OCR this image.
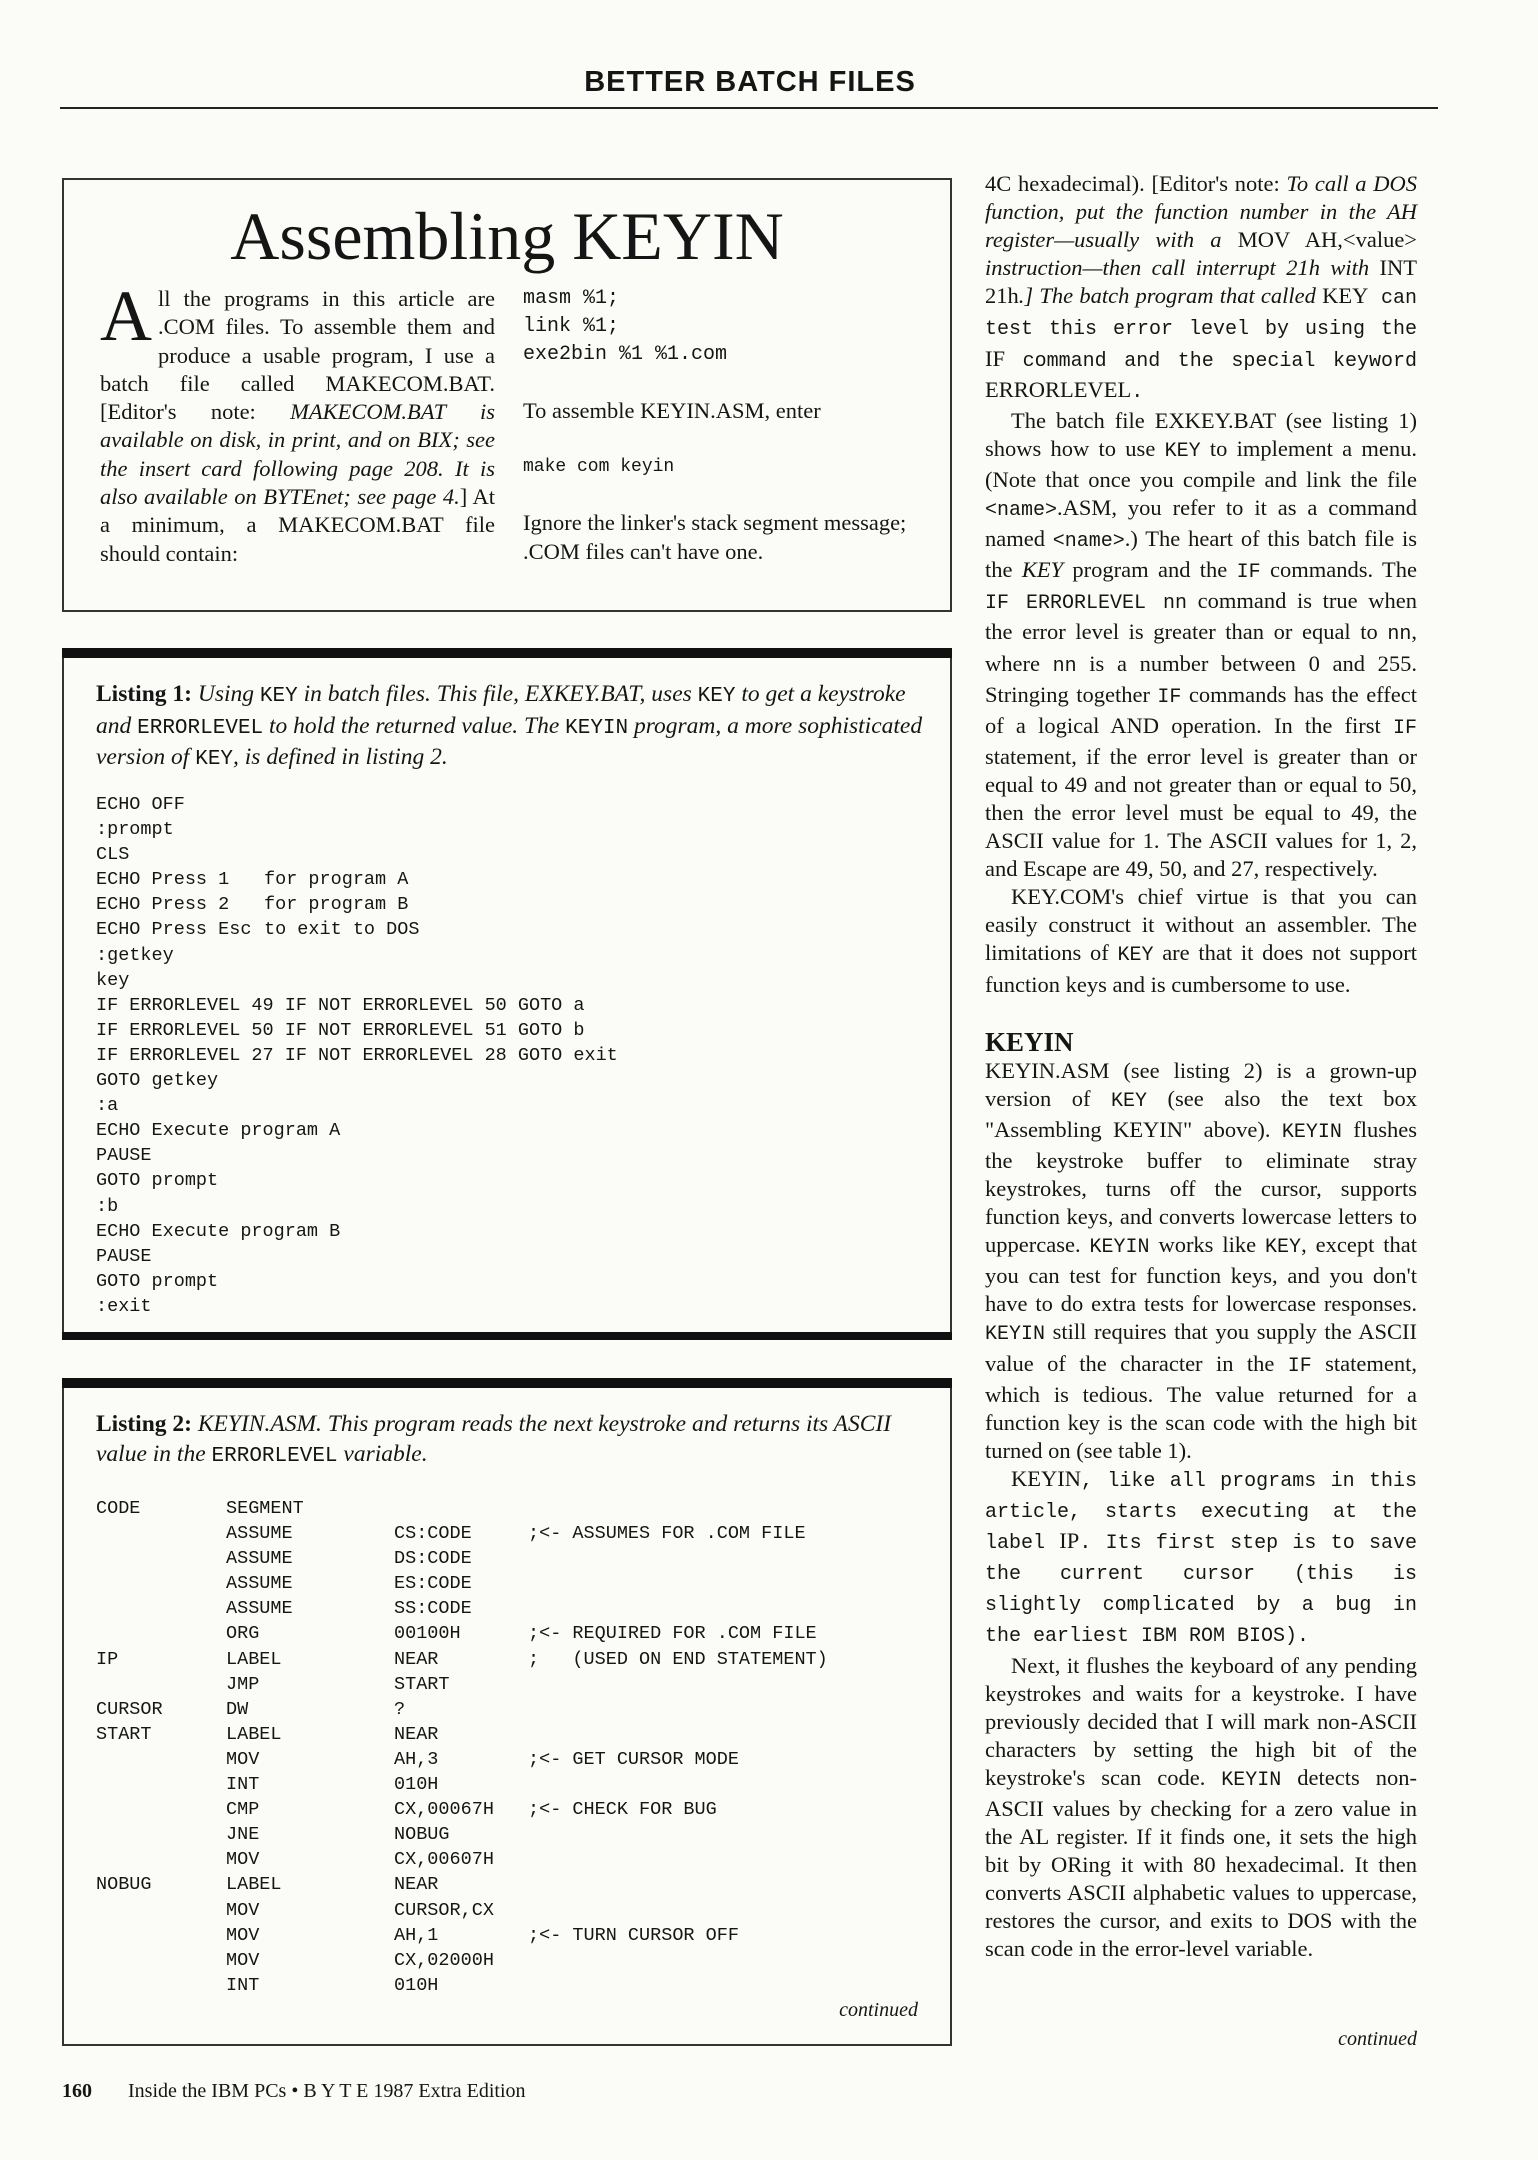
BETTER BATCH FILES
Assembling KEYIN
All the programs in this article are .COM files. To assemble them and produce a usable program, I use a batch file called MAKECOM.BAT. [Editor's note: MAKECOM.BAT is available on disk, in print, and on BIX; see the insert card following page 208. It is also available on BYTEnet; see page 4.] At a minimum, a MAKECOM.BAT file should contain:
masm %1;
link %1;
exe2bin %1 %1.com
To assemble KEYIN.ASM, enter
make com keyin
Ignore the linker's stack segment message; .COM files can't have one.
Listing 1: Using KEY in batch files. This file, EXKEY.BAT, uses KEY to get a keystroke and ERRORLEVEL to hold the returned value. The KEYIN program, a more sophisticated version of KEY, is defined in listing 2.
ECHO OFF
:prompt
CLS
ECHO Press 1 for program A
ECHO Press 2 for program B
ECHO Press Esc to exit to DOS
:getkey
key
IF ERRORLEVEL 49 IF NOT ERRORLEVEL 50 GOTO a
IF ERRORLEVEL 50 IF NOT ERRORLEVEL 51 GOTO b
IF ERRORLEVEL 27 IF NOT ERRORLEVEL 28 GOTO exit
GOTO getkey
:a
ECHO Execute program A
PAUSE
GOTO prompt
:b
ECHO Execute program B
PAUSE
GOTO prompt
:exit
Listing 2: KEYIN.ASM. This program reads the next keystroke and returns its ASCII value in the ERRORLEVEL variable.
CODE	SEGMENT
ASSUME	CS:CODE	;<- ASSUMES FOR .COM FILE
ASSUME	DS:CODE
ASSUME	ES:CODE
ASSUME	SS:CODE
ORG	00100H	;<- REQUIRED FOR .COM FILE
IP	LABEL	NEAR	;   (USED ON END STATEMENT)
JMP	START
CURSOR	DW	?
START	LABEL	NEAR
MOV	AH,3	;<- GET CURSOR MODE
INT	010H
CMP	CX,00067H ;<- CHECK FOR BUG
JNE	NOBUG
MOV	CX,00607H
NOBUG	LABEL	NEAR
MOV	CURSOR,CX
MOV	AH,1	;<- TURN CURSOR OFF
MOV	CX,02000H
INT	010H
continued

4C hexadecimal). [Editor's note: To call a DOS function, put the function number in the AH register—usually with a MOV AH,<value> instruction—then call interrupt 21h with INT 21h.] The batch program that called KEY can test this error level by using the IF command and the special keyword ERRORLEVEL.

The batch file EXKEY.BAT (see listing 1) shows how to use KEY to implement a menu. (Note that once you compile and link the file <name>.ASM, you refer to it as a command named <name>.) The heart of this batch file is the KEY program and the IF commands. The IF ERRORLEVEL nn command is true when the error level is greater than or equal to nn, where nn is a number between 0 and 255. Stringing together IF commands has the effect of a logical AND operation. In the first IF statement, if the error level is greater than or equal to 49 and not greater than or equal to 50, then the error level must be equal to 49, the ASCII value for 1. The ASCII values for 1, 2, and Escape are 49, 50, and 27, respectively.

KEY.COM's chief virtue is that you can easily construct it without an assembler. The limitations of KEY are that it does not support function keys and is cumbersome to use.

KEYIN

KEYIN.ASM (see listing 2) is a grown-up version of KEY (see also the text box "Assembling KEYIN" above). KEYIN flushes the keystroke buffer to eliminate stray keystrokes, turns off the cursor, supports function keys, and converts lowercase letters to uppercase. KEYIN works like KEY, except that you can test for function keys, and you don't have to do extra tests for lowercase responses. KEYIN still requires that you supply the ASCII value of the character in the IF statement, which is tedious. The value returned for a function key is the scan code with the high bit turned on (see table 1).

KEYIN, like all programs in this article, starts executing at the label IP. Its first step is to save the current cursor (this is slightly complicated by a bug in the earliest IBM ROM BIOS).

Next, it flushes the keyboard of any pending keystrokes and waits for a keystroke. I have previously decided that I will mark non-ASCII characters by setting the high bit of the keystroke's scan code. KEYIN detects non-ASCII values by checking for a zero value in the AL register. If it finds one, it sets the high bit by ORing it with 80 hexadecimal. It then converts ASCII alphabetic values to uppercase, restores the cursor, and exits to DOS with the scan code in the error-level variable.

continued
160 Inside the IBM PCs • B Y T E 1987 Extra Edition
